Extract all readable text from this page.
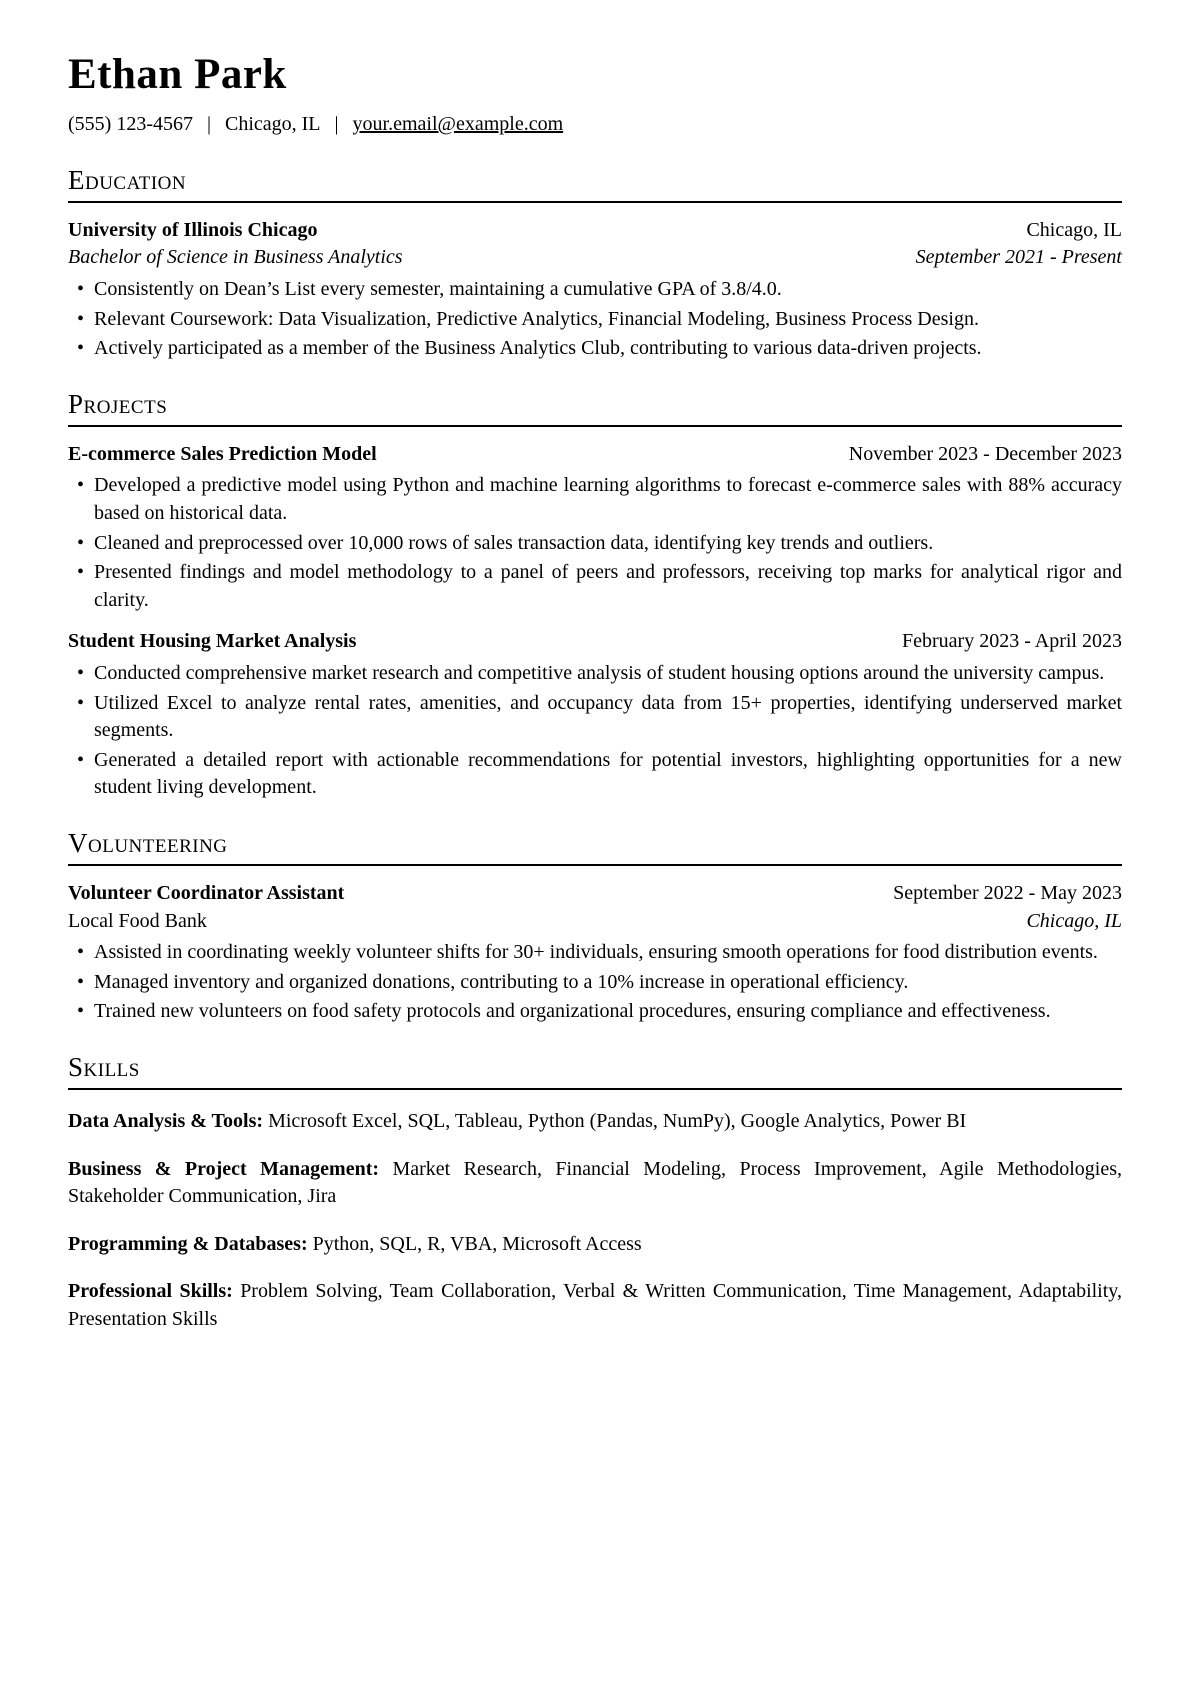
Ethan Park
(555) 123-4567 | Chicago, IL | your.email@example.com
Education
University of Illinois Chicago	Chicago, IL
Bachelor of Science in Business Analytics	September 2021 - Present
• Consistently on Dean’s List every semester, maintaining a cumulative GPA of 3.8/4.0.
• Relevant Coursework: Data Visualization, Predictive Analytics, Financial Modeling, Business Process Design.
• Actively participated as a member of the Business Analytics Club, contributing to various data-driven projects.
Projects
E-commerce Sales Prediction Model	November 2023 - December 2023
• Developed a predictive model using Python and machine learning algorithms to forecast e-commerce sales with 88% accuracy based on historical data.
• Cleaned and preprocessed over 10,000 rows of sales transaction data, identifying key trends and outliers.
• Presented findings and model methodology to a panel of peers and professors, receiving top marks for analytical rigor and clarity.
Student Housing Market Analysis	February 2023 - April 2023
• Conducted comprehensive market research and competitive analysis of student housing options around the university campus.
• Utilized Excel to analyze rental rates, amenities, and occupancy data from 15+ properties, identifying underserved market segments.
• Generated a detailed report with actionable recommendations for potential investors, highlighting opportunities for a new student living development.
Volunteering
Volunteer Coordinator Assistant	September 2022 - May 2023
Local Food Bank	Chicago, IL
• Assisted in coordinating weekly volunteer shifts for 30+ individuals, ensuring smooth operations for food distribution events.
• Managed inventory and organized donations, contributing to a 10% increase in operational efficiency.
• Trained new volunteers on food safety protocols and organizational procedures, ensuring compliance and effectiveness.
Skills

Data Analysis & Tools: Microsoft Excel, SQL, Tableau, Python (Pandas, NumPy), Google Analytics, Power BI

Business & Project Management: Market Research, Financial Modeling, Process Improvement, Agile Methodologies, Stakeholder Communication, Jira

Programming & Databases: Python, SQL, R, VBA, Microsoft Access

Professional Skills: Problem Solving, Team Collaboration, Verbal & Written Communication, Time Management, Adaptability, Presentation Skills
